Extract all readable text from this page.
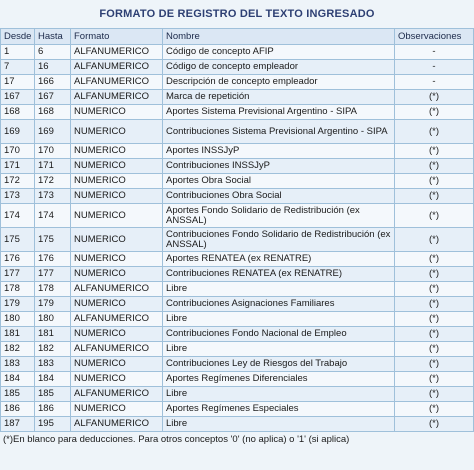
FORMATO DE REGISTRO DEL TEXTO INGRESADO
Desde	Hasta	Formato	Nombre	Observaciones
1	6	ALFANUMERICO	Código de concepto AFIP	-
7	16	ALFANUMERICO	Código de concepto empleador	-
17	166	ALFANUMERICO	Descripción de concepto empleador	-
167	167	ALFANUMERICO	Marca de repetición	(*)
168	168	NUMERICO	Aportes Sistema Previsional Argentino - SIPA	(*)
169	169	NUMERICO	Contribuciones Sistema Previsional Argentino - SIPA	(*)
170	170	NUMERICO	Aportes INSSJyP	(*)
171	171	NUMERICO	Contribuciones INSSJyP	(*)
172	172	NUMERICO	Aportes Obra Social	(*)
173	173	NUMERICO	Contribuciones Obra Social	(*)
174	174	NUMERICO	Aportes Fondo Solidario de Redistribución (ex ANSSAL)	(*)
175	175	NUMERICO	Contribuciones Fondo Solidario de Redistribución (ex ANSSAL)	(*)
176	176	NUMERICO	Aportes RENATEA (ex RENATRE)	(*)
177	177	NUMERICO	Contribuciones RENATEA (ex RENATRE)	(*)
178	178	ALFANUMERICO	Libre	(*)
179	179	NUMERICO	Contribuciones Asignaciones Familiares	(*)
180	180	ALFANUMERICO	Libre	(*)
181	181	NUMERICO	Contribuciones Fondo Nacional de Empleo	(*)
182	182	ALFANUMERICO	Libre	(*)
183	183	NUMERICO	Contribuciones Ley de Riesgos del Trabajo	(*)
184	184	NUMERICO	Aportes Regímenes Diferenciales	(*)
185	185	ALFANUMERICO	Libre	(*)
186	186	NUMERICO	Aportes Regímenes Especiales	(*)
187	195	ALFANUMERICO	Libre	(*)
(*)En blanco para deducciones. Para otros conceptos '0' (no aplica) o '1' (si aplica)
